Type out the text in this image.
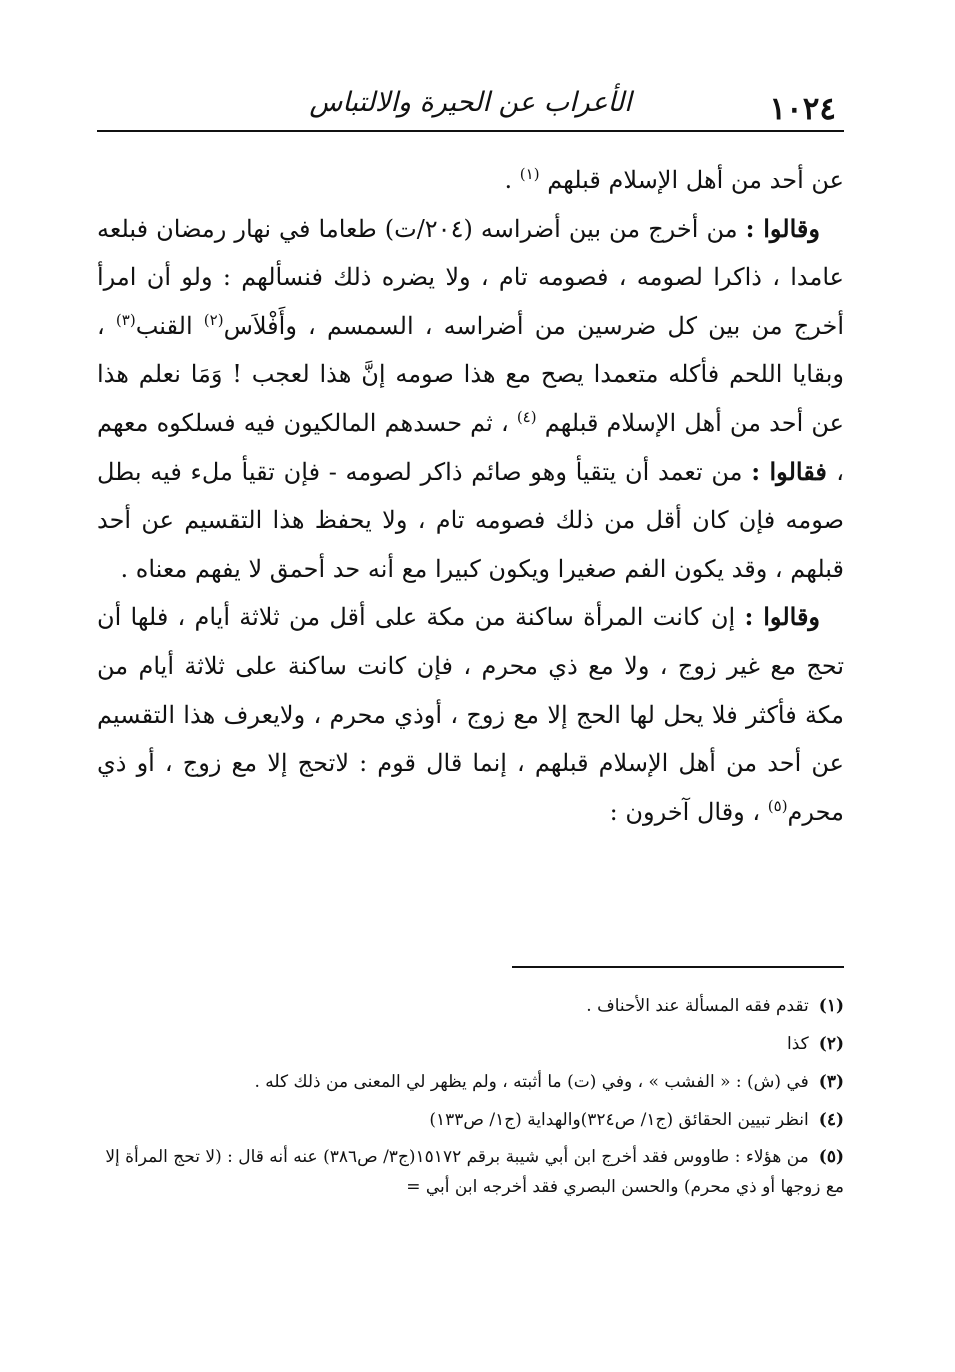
١٠٢٤
الأعراب عن الحيرة والالتباس

عن أحد من أهل الإسلام قبلهم $^{(١)}$ .

وقالوا : من أخرج من بين أضراسه (٢٠٤/ت) طعاما في نهار رمضان فبلعه عامدا ، ذاكرا لصومه ، فصومه تام ، ولا يضره ذلك فنسألهم : ولو أن امرأ أخرج من بين كل ضرسين من أضراسه ، السمسم ، وأَفْلاَس$^{(٢)}$ القنب$^{(٣)}$ ، وبقايا اللحم فأكله متعمدا يصح مع هذا صومه إنَّ هذا لعجب ! وَمَا نعلم هذا عن أحد من أهل الإسلام قبلهم $^{(٤)}$ ، ثم حسدهم المالكيون فيه فسلكوه معهم ، فقالوا : من تعمد أن يتقيأ وهو صائم ذاكر لصومه - فإن تقيأ ملء فيه بطل صومه فإن كان أقل من ذلك فصومه تام ، ولا يحفظ هذا التقسيم عن أحد قبلهم ، وقد يكون الفم صغيرا ويكون كبيرا مع أنه حد أحمق لا يفهم معناه .

وقالوا : إن كانت المرأة ساكنة من مكة على أقل من ثلاثة أيام ، فلها أن تحج مع غير زوج ، ولا مع ذي محرم ، فإن كانت ساكنة على ثلاثة أيام من مكة فأكثر فلا يحل لها الحج إلا مع زوج ، أوذي محرم ، ولايعرف هذا التقسيم عن أحد من أهل الإسلام قبلهم ، إنما قال قوم : لاتحج إلا مع زوج ، أو ذي محرم$^{(٥)}$ ، وقال آخرون :

(١)تقدم فقه المسألة عند الأحناف .

(٢)كذا

(٣)في (ش) : « الفشب » ، وفي (ت) ما أثبته ، ولم يظهر لي المعنى من ذلك كله .

(٤)انظر تبيين الحقائق (ج١/ ص٣٢٤)والهداية (ج١/ ص١٣٣)

(٥)من هؤلاء : طاووس فقد أخرج ابن أبي شيبة برقم ١٥١٧٢(ج٣/ ص٣٨٦) عنه أنه قال : (لا تحج المرأة إلا مع زوجها أو ذي محرم) والحسن البصري فقد أخرجه ابن أبي =
